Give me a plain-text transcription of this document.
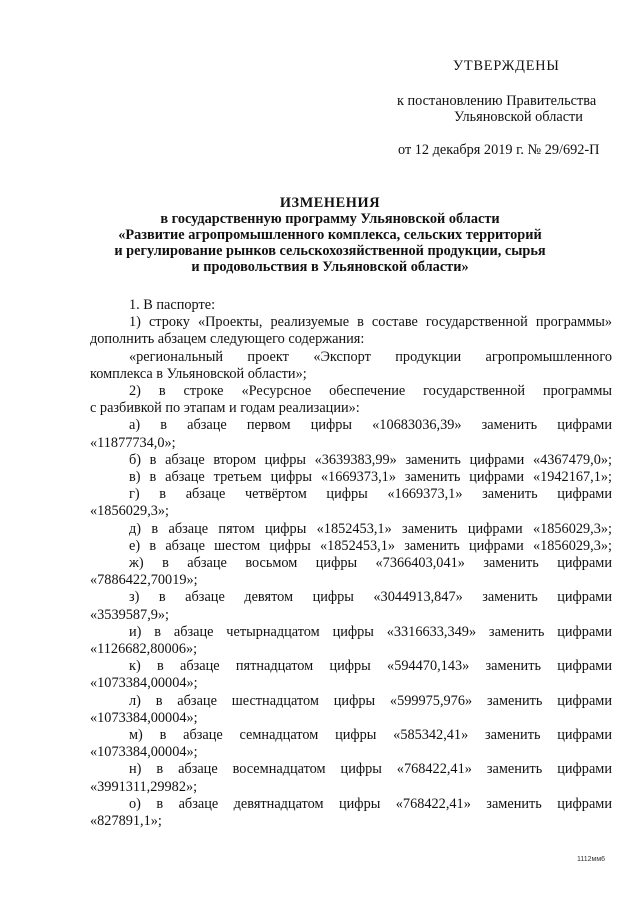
УТВЕРЖДЕНЫ
к постановлению Правительства
Ульяновской области
от 12 декабря 2019 г. № 29/692-П
ИЗМЕНЕНИЯ
в государственную программу Ульяновской области
«Развитие агропромышленного комплекса, сельских территорий
и регулирование рынков сельскохозяйственной продукции, сырья
и продовольствия в Ульяновской области»

1. В паспорте:

1) строку «Проекты, реализуемые в составе государственной программы»

дополнить абзацем следующего содержания:

«региональный проект «Экспорт продукции агропромышленного

комплекса в Ульяновской области»;

2) в строке «Ресурсное обеспечение государственной программы

с разбивкой по этапам и годам реализации»:

а) в абзаце первом цифры «10683036,39» заменить цифрами

«11877734,0»;

б) в абзаце втором цифры «3639383,99» заменить цифрами «4367479,0»;

в) в абзаце третьем цифры «1669373,1» заменить цифрами «1942167,1»;

г) в абзаце четвёртом цифры «1669373,1» заменить цифрами

«1856029,3»;

д) в абзаце пятом цифры «1852453,1» заменить цифрами «1856029,3»;

е) в абзаце шестом цифры «1852453,1» заменить цифрами «1856029,3»;

ж) в абзаце восьмом цифры «7366403,041» заменить цифрами

«7886422,70019»;

з) в абзаце девятом цифры «3044913,847» заменить цифрами

«3539587,9»;

и) в абзаце четырнадцатом цифры «3316633,349» заменить цифрами

«1126682,80006»;

к) в абзаце пятнадцатом цифры «594470,143» заменить цифрами

«1073384,00004»;

л) в абзаце шестнадцатом цифры «599975,976» заменить цифрами

«1073384,00004»;

м) в абзаце семнадцатом цифры «585342,41» заменить цифрами

«1073384,00004»;

н) в абзаце восемнадцатом цифры «768422,41» заменить цифрами

«3991311,29982»;

о) в абзаце девятнадцатом цифры «768422,41» заменить цифрами

«827891,1»;

1112мм6
